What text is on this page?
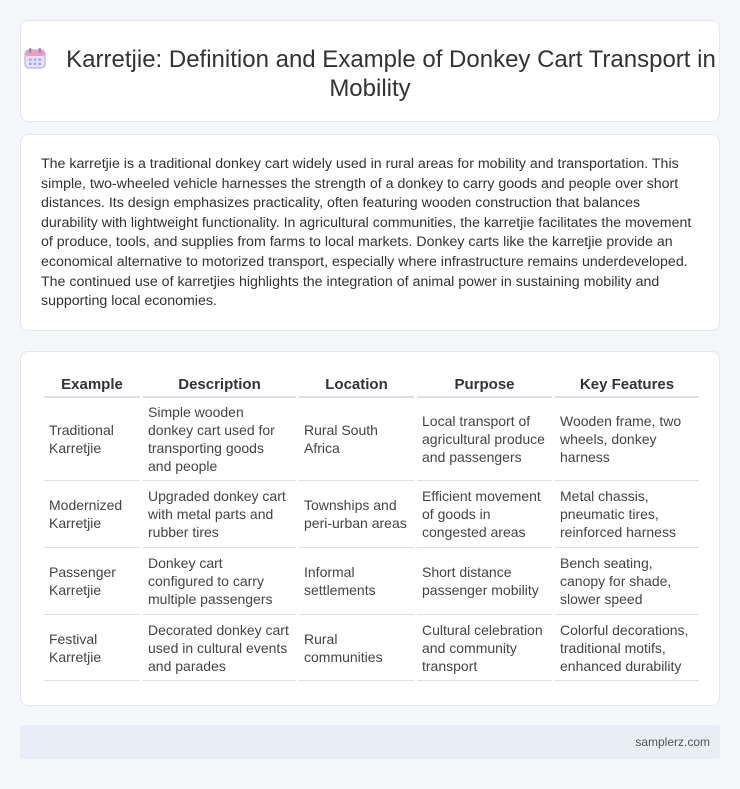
Karretjie: Definition and Example of Donkey Cart Transport in Mobility

The karretjie is a traditional donkey cart widely used in rural areas for mobility and transportation. This simple, two-wheeled vehicle harnesses the strength of a donkey to carry goods and people over short distances. Its design emphasizes practicality, often featuring wooden construction that balances durability with lightweight functionality. In agricultural communities, the karretjie facilitates the movement of produce, tools, and supplies from farms to local markets. Donkey carts like the karretjie provide an economical alternative to motorized transport, especially where infrastructure remains underdeveloped. The continued use of karretjies highlights the integration of animal power in sustaining mobility and supporting local economies.

Example	Description	Location	Purpose	Key Features
Traditional Karretjie	Simple wooden donkey cart used for transporting goods and people	Rural South Africa	Local transport of agricultural produce and passengers	Wooden frame, two wheels, donkey harness
Modernized Karretjie	Upgraded donkey cart with metal parts and rubber tires	Townships and peri-urban areas	Efficient movement of goods in congested areas	Metal chassis, pneumatic tires, reinforced harness
Passenger Karretjie	Donkey cart configured to carry multiple passengers	Informal settlements	Short distance passenger mobility	Bench seating, canopy for shade, slower speed
Festival Karretjie	Decorated donkey cart used in cultural events and parades	Rural communities	Cultural celebration and community transport	Colorful decorations, traditional motifs, enhanced durability
samplerz.com
